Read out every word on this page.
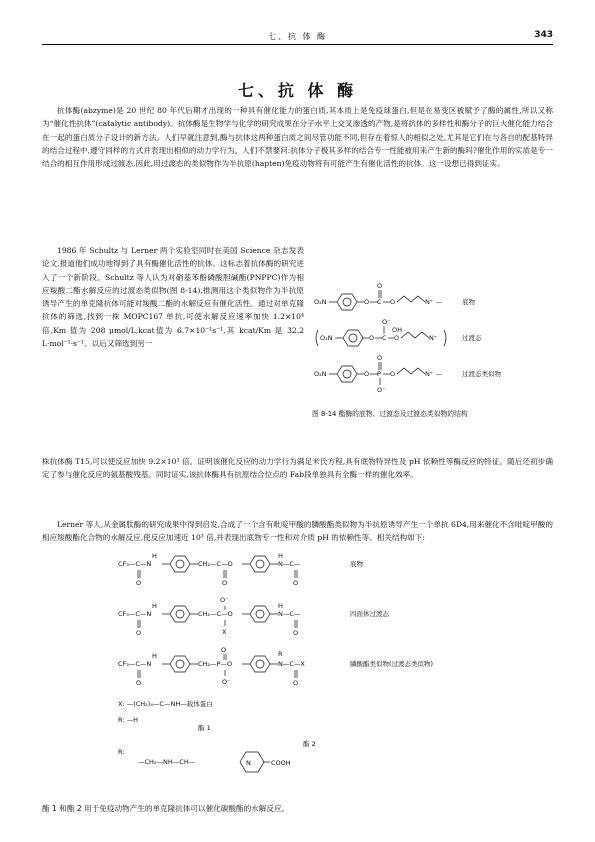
七、抗 体 酶	343
七、抗 体 酶
抗体酶(abzyme)是 20 世纪 80 年代后期才出现的一种具有催化能力的蛋白质,其本质上是免疫球蛋白,但是在易变区被赋予了酶的属性,所以又称为“催化性抗体”(catalytic antibody)。抗体酶是生物学与化学的研究成果在分子水平上交叉渗透的产物,是将抗体的多样性和酶分子的巨大催化能力结合在一起的蛋白质分子设计的新方法。人们早就注意到,酶与抗体这两种蛋白质之间尽管功能不同,但存在着惊人的相似之处,尤其是它们在与各自的配基特异的结合过程中,遵守同样的方式并表现出相似的动力学行为。人们不禁要问:抗体分子极其多样的结合专一性能被用来产生新的酶吗?催化作用的实质是专一结合的相互作用形成过渡态,因此,用过渡态的类似物作为半抗原(hapten)免疫动物将有可能产生有催化活性的抗体。这一设想已得到证实。
1986 年 Schultz 与 Lerner 两个实验室同时在美国 Science 杂志发表论文,报道他们成功地得到了具有酶催化活性的抗体。这标志着抗体酶的研究进入了一个新阶段。Schultz 等人认为对硝基苯酚磷酸胆碱酯(PNPPC)作为相应羧酸二酯水解反应的过渡态类似物(图 8-14),推测用这个类似物作为半抗原诱导产生的单克隆抗体可能对羧酸二酯的水解反应有催化活性。通过对单克隆抗体的筛选,找到一株 MOPC167 单抗,可使水解反应速率加快 1.2×10⁴ 倍,Km 值为 208 μmol/L,kcat值为 6.7×10⁻¹s⁻¹,其 kcat/Km 是 32.2 L·mol⁻¹·s⁻¹。以后又筛选到另一
O₂N	O C
O
O	N⁺ —	底物
O₂N	O C
O⁻
OH
O	N⁺	过渡态
O₂N	O P
O
O⁻
O	N⁺ —	过渡态类似物
图 8-14 酯酶的底物、过渡态及过渡态类似物的结构
株抗体酶 T15,可以使反应加快 9.2×10³ 倍。证明该催化反应的动力学行为满足米氏方程,具有底物特异性及 pH 依赖性等酶反应的特征。随后还初步确定了参与催化反应的氨基酸残基。同时证实,该抗体酶具有抗原结合位点的 Fab段单独具有全酶一样的催化效率。
Lerner 等人,从金属肽酶的研究成果中得到启发,合成了一个含有吡啶甲酸的膦酸酯类似物为半抗原诱导产生一个单抗 6D4,用来催化不含吡啶甲酸的相应羧酸酯化合物的水解反应,使反应加速近 10³ 倍,并表现出底物专一性和对介质 pH 的依赖性等。相关结构如下:
CF₃—C—N
O
H
CH₂—C—O
O
N—C—
H
O
CF₃—C—N
O
H
CH₂—C—O
O⁻
X
N—C—
H
O
CF₃—C—N
O
H
CH₂—P—O
O
O⁻
N—C—X
R
O
底物
四面体过渡态
膦酸酯类似物(过渡态类似物)
X: —(CH₂)₄—C—NH—载体蛋白
R: —H
酯 1
R:
—CH₂—NH—CH—	N	COOH
酯 2
酯 1 和酯 2 用于免疫动物产生的单克隆抗体可以催化碳酸酯的水解反应。
